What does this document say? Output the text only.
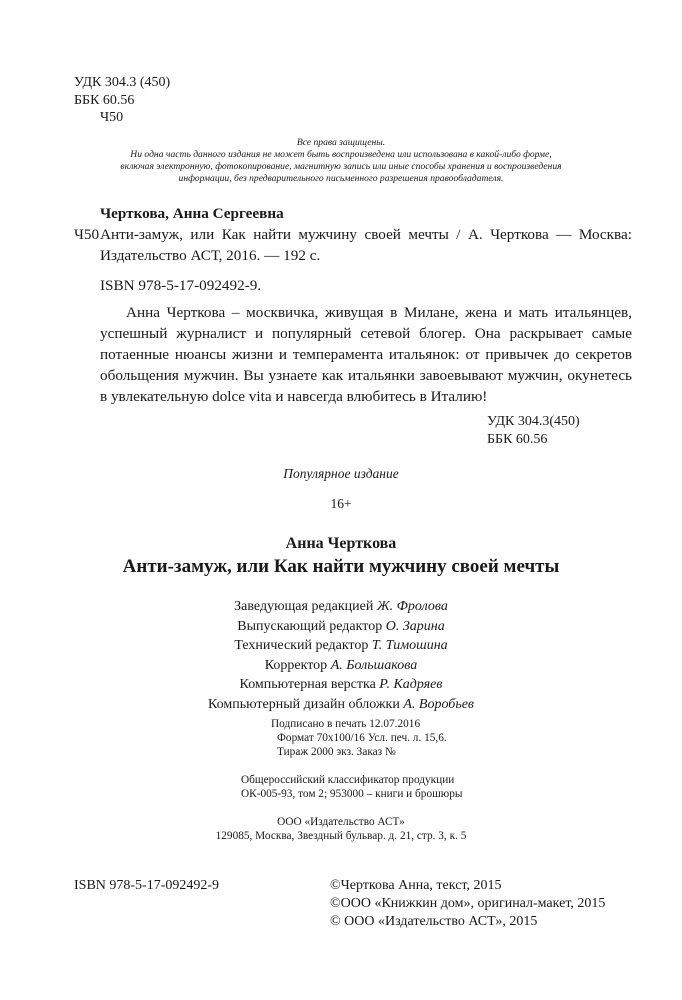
УДК 304.3 (450)
ББК 60.56
Ч50
Все права защищены.
Ни одна часть данного издания не может быть воспроизведена или использована в какой-либо форме,
включая электронную, фотокопирование, магнитную запись или иные способы хранения и воспроизведения
информации, без предварительного письменного разрешения правообладателя.
Черткова, Анна Сергеевна
Ч50 Анти-замуж, или Как найти мужчину своей мечты / А. Черткова — Москва:
Издательство АСТ, 2016. — 192 с.
ISBN 978-5-17-092492-9.

Анна Черткова – москвичка, живущая в Милане, жена и мать итальянцев, успешный журналист и популярный сетевой блогер. Она раскрывает самые потаенные нюансы жизни и темперамента итальянок: от привычек до секретов обольщения мужчин. Вы узнаете как итальянки завоевывают мужчин, окунетесь в увлекательную dolce vita и навсегда влюбитесь в Италию!

УДК 304.3(450)
ББК 60.56
Популярное издание
16+
Анна Черткова
Анти-замуж, или Как найти мужчину своей мечты
Заведующая редакцией Ж. Фролова
Выпускающий редактор О. Зарина
Технический редактор Т. Тимошина
Корректор А. Большакова
Компьютерная верстка Р. Кадряев
Компьютерный дизайн обложки А. Воробьев
Подписано в печать 12.07.2016
Формат 70х100/16 Усл. печ. л. 15,6.
Тираж 2000 экз. Заказ №
Общероссийский классификатор продукции
ОК-005-93, том 2; 953000 – книги и брошюры
ООО «Издательство АСТ»
129085, Москва, Звездный бульвар. д. 21, стр. 3, к. 5
ISBN 978-5-17-092492-9	©Черткова Анна, текст, 2015
©ООО «Книжкин дом», оригинал-макет, 2015
© ООО «Издательство АСТ», 2015
